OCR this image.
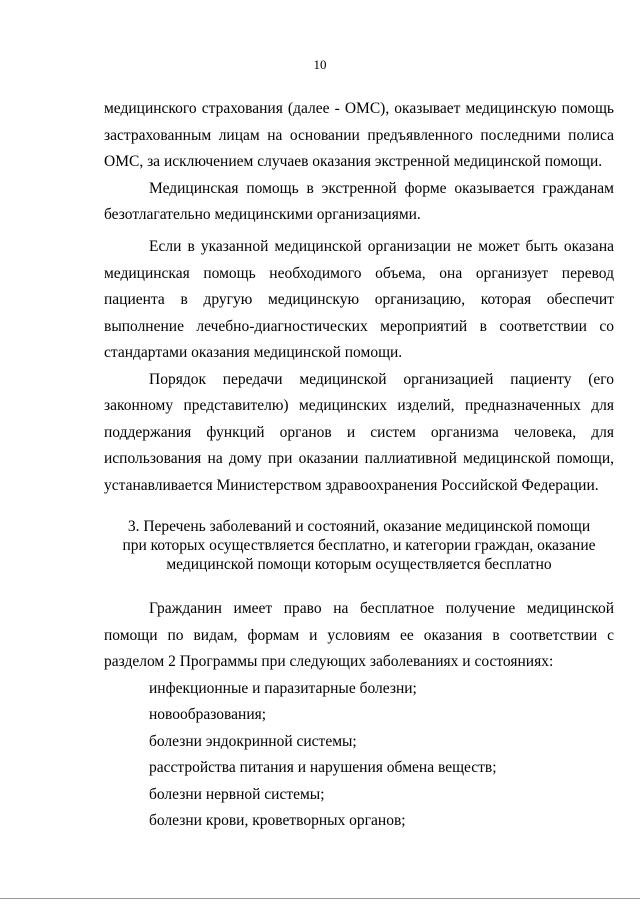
10

медицинского страхования (далее - ОМС), оказывает медицинскую помощь застрахованным лицам на основании предъявленного последними полиса ОМС, за исключением случаев оказания экстренной медицинской помощи.

Медицинская помощь в экстренной форме оказывается гражданам безотлагательно медицинскими организациями.

Если в указанной медицинской организации не может быть оказана медицинская помощь необходимого объема, она организует перевод пациента в другую медицинскую организацию, которая обеспечит выполнение лечебно-диагностических мероприятий в соответствии со стандартами оказания медицинской помощи.

Порядок передачи медицинской организацией пациенту (его законному представителю) медицинских изделий, предназначенных для поддержания функций органов и систем организма человека, для использования на дому при оказании паллиативной медицинской помощи, устанавливается Министерством здравоохранения Российской Федерации.

3. Перечень заболеваний и состояний, оказание медицинской помощи
при которых осуществляется бесплатно, и категории граждан, оказание
медицинской помощи которым осуществляется бесплатно

Гражданин имеет право на бесплатное получение медицинской помощи по видам, формам и условиям ее оказания в соответствии с разделом 2 Программы при следующих заболеваниях и состояниях:

инфекционные и паразитарные болезни;
новообразования;
болезни эндокринной системы;
расстройства питания и нарушения обмена веществ;
болезни нервной системы;
болезни крови, кроветворных органов;
